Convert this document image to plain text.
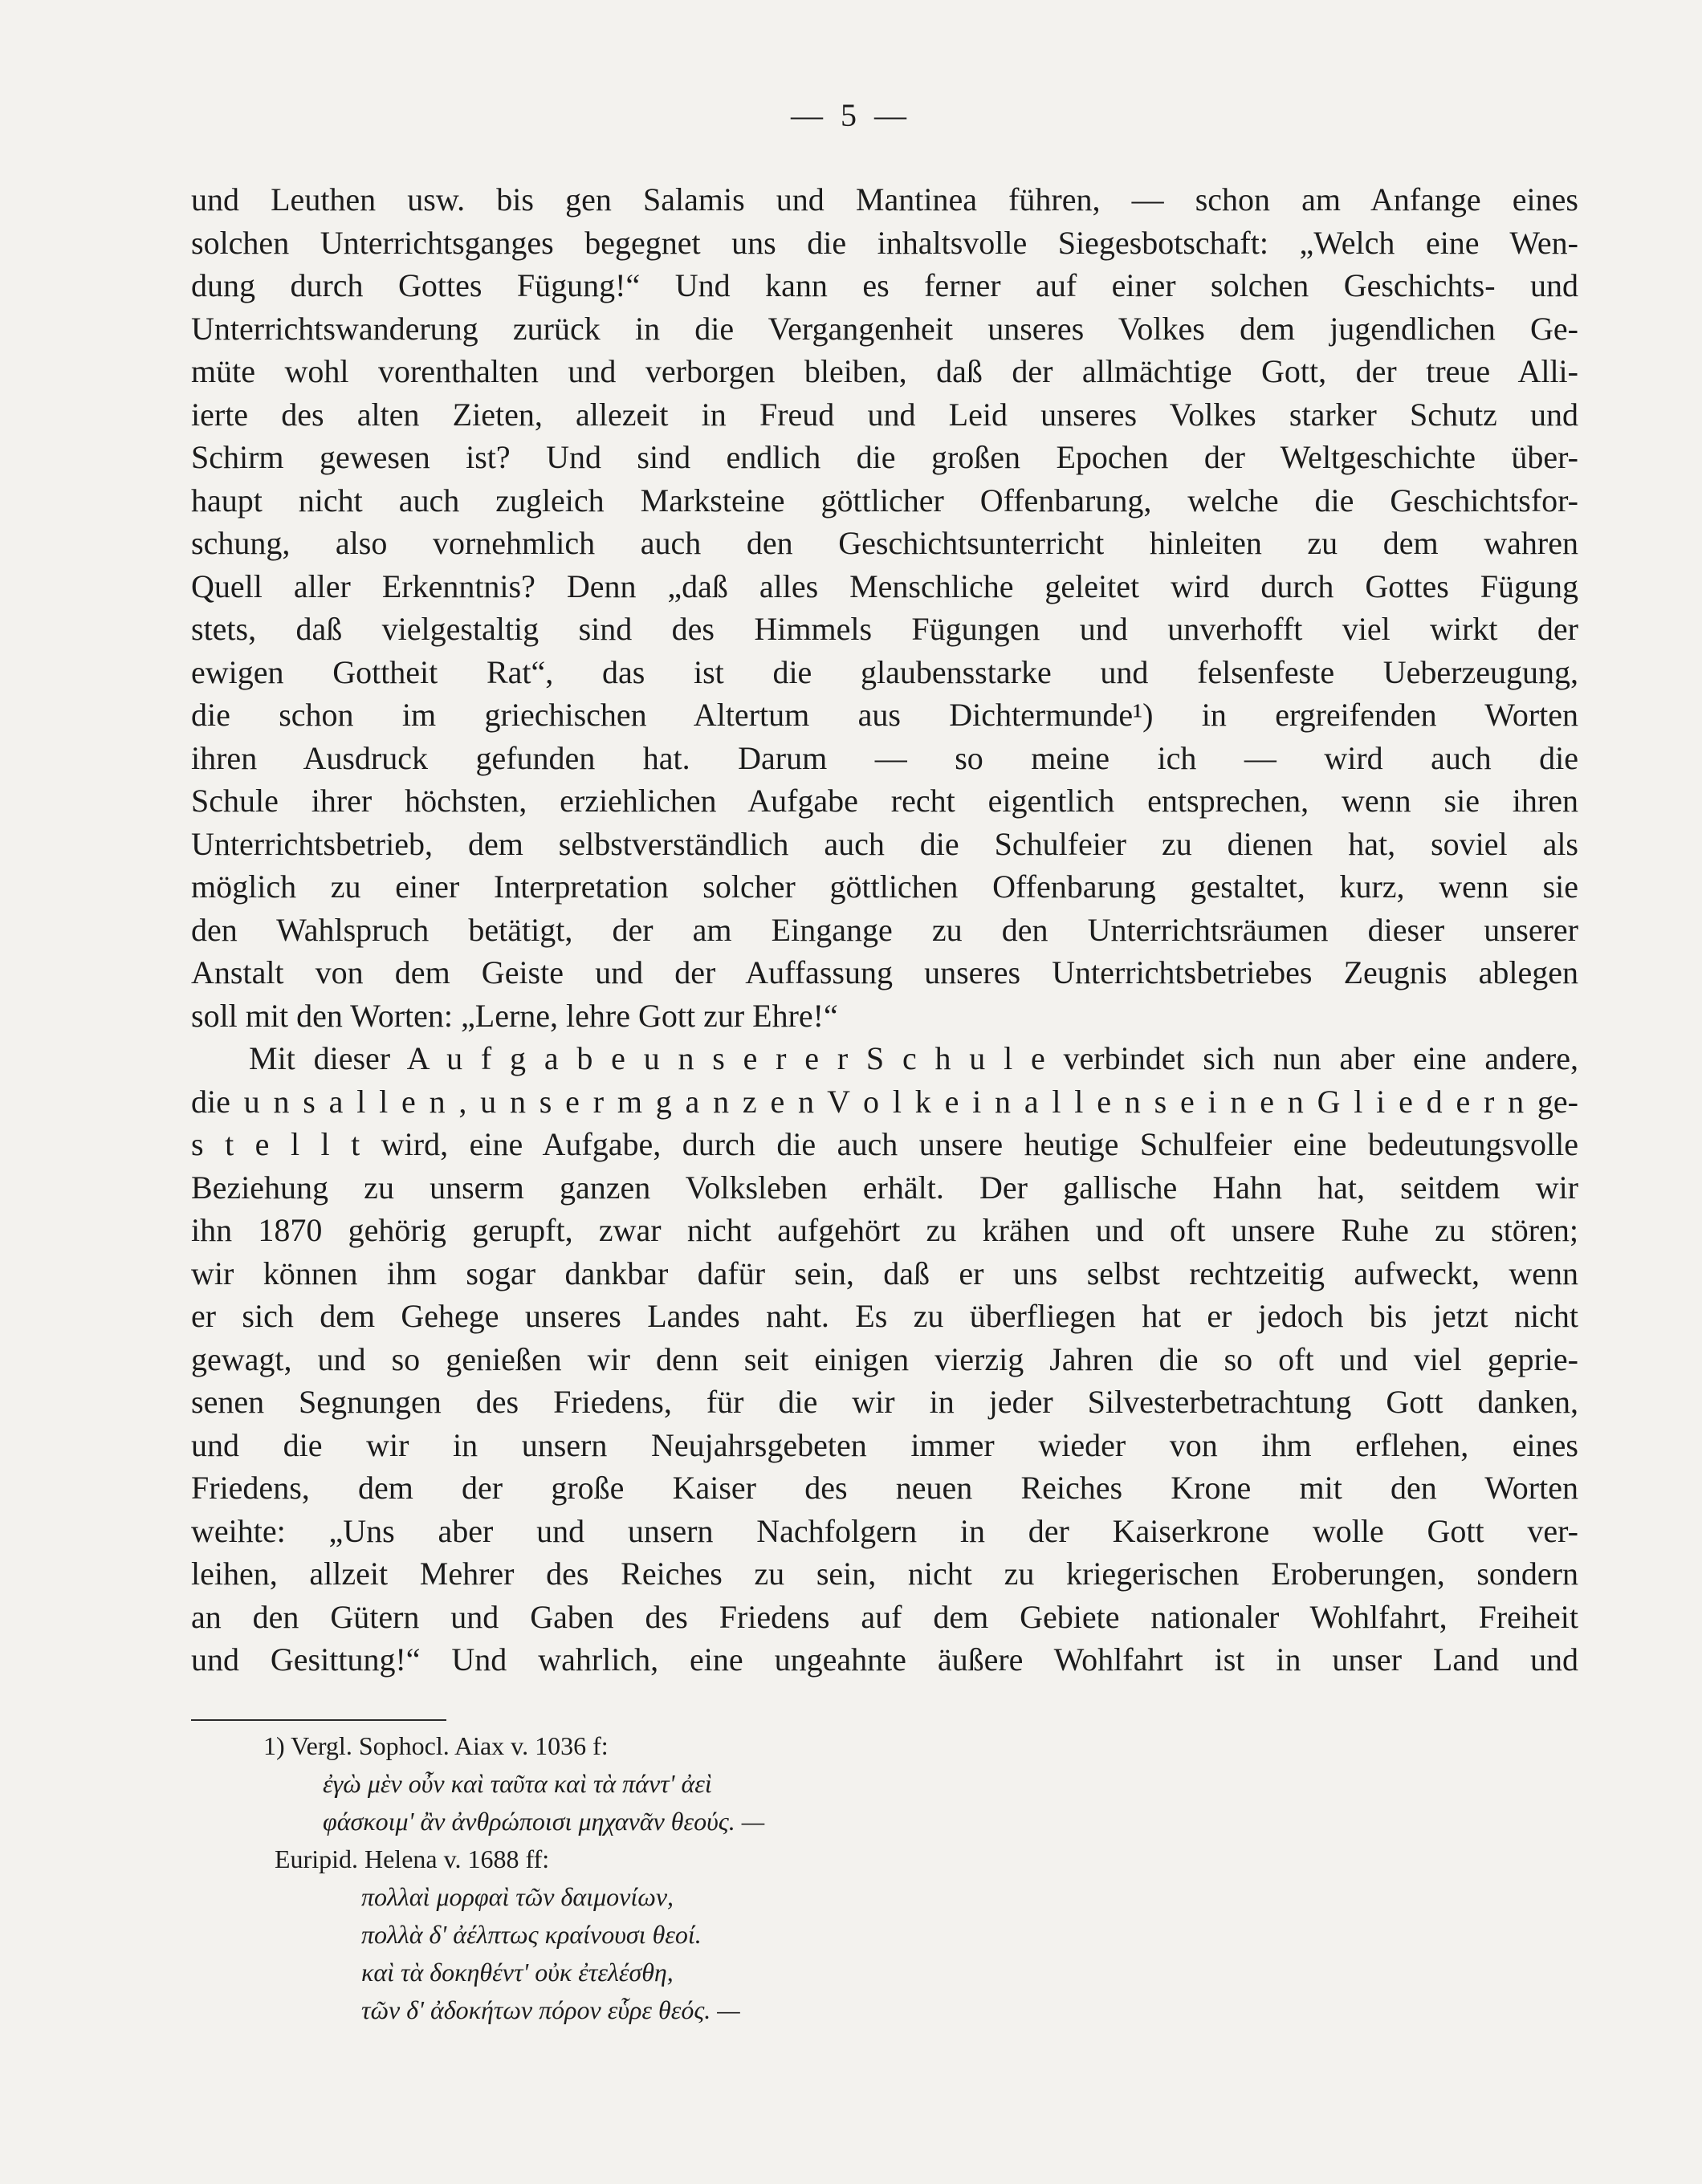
— 5 —
und Leuthen usw. bis gen Salamis und Mantinea führen, — schon am Anfange eines
solchen Unterrichtsganges begegnet uns die inhaltsvolle Siegesbotschaft: „Welch eine Wen-
dung durch Gottes Fügung!“ Und kann es ferner auf einer solchen Geschichts- und
Unterrichtswanderung zurück in die Vergangenheit unseres Volkes dem jugendlichen Ge-
müte wohl vorenthalten und verborgen bleiben, daß der allmächtige Gott, der treue Alli-
ierte des alten Zieten, allezeit in Freud und Leid unseres Volkes starker Schutz und
Schirm gewesen ist? Und sind endlich die großen Epochen der Weltgeschichte über-
haupt nicht auch zugleich Marksteine göttlicher Offenbarung, welche die Geschichtsfor-
schung, also vornehmlich auch den Geschichtsunterricht hinleiten zu dem wahren
Quell aller Erkenntnis? Denn „daß alles Menschliche geleitet wird durch Gottes Fügung
stets, daß vielgestaltig sind des Himmels Fügungen und unverhofft viel wirkt der
ewigen Gottheit Rat“, das ist die glaubensstarke und felsenfeste Ueberzeugung,
die schon im griechischen Altertum aus Dichtermunde¹) in ergreifenden Worten
ihren Ausdruck gefunden hat. Darum — so meine ich — wird auch die
Schule ihrer höchsten, erziehlichen Aufgabe recht eigentlich entsprechen, wenn sie ihren
Unterrichtsbetrieb, dem selbstverständlich auch die Schulfeier zu dienen hat, soviel als
möglich zu einer Interpretation solcher göttlichen Offenbarung gestaltet, kurz, wenn sie
den Wahlspruch betätigt, der am Eingange zu den Unterrichtsräumen dieser unserer
Anstalt von dem Geiste und der Auffassung unseres Unterrichtsbetriebes Zeugnis ablegen
soll mit den Worten: „Lerne, lehre Gott zur Ehre!“
Mit dieser A u f g a b e u n s e r e r S c h u l e verbindet sich nun aber eine andere,
die u n s a l l e n , u n s e r m g a n z e n V o l k e i n a l l e n s e i n e n G l i e d e r n ge-
s t e l l t wird, eine Aufgabe, durch die auch unsere heutige Schulfeier eine bedeutungsvolle
Beziehung zu unserm ganzen Volksleben erhält. Der gallische Hahn hat, seitdem wir
ihn 1870 gehörig gerupft, zwar nicht aufgehört zu krähen und oft unsere Ruhe zu stören;
wir können ihm sogar dankbar dafür sein, daß er uns selbst rechtzeitig aufweckt, wenn
er sich dem Gehege unseres Landes naht. Es zu überfliegen hat er jedoch bis jetzt nicht
gewagt, und so genießen wir denn seit einigen vierzig Jahren die so oft und viel geprie-
senen Segnungen des Friedens, für die wir in jeder Silvesterbetrachtung Gott danken,
und die wir in unsern Neujahrsgebeten immer wieder von ihm erflehen, eines
Friedens, dem der große Kaiser des neuen Reiches Krone mit den Worten
weihte: „Uns aber und unsern Nachfolgern in der Kaiserkrone wolle Gott ver-
leihen, allzeit Mehrer des Reiches zu sein, nicht zu kriegerischen Eroberungen, sondern
an den Gütern und Gaben des Friedens auf dem Gebiete nationaler Wohlfahrt, Freiheit
und Gesittung!“ Und wahrlich, eine ungeahnte äußere Wohlfahrt ist in unser Land und
1) Vergl. Sophocl. Aiax v. 1036 f:
ἐγὼ μὲν οὖν καὶ ταῦτα καὶ τὰ πάντ' ἀεὶ
φάσκοιμ' ἂν ἀνθρώποισι μηχανᾶν θεούς. —
Euripid. Helena v. 1688 ff:
πολλαὶ μορφαὶ τῶν δαιμονίων,
πολλὰ δ' ἀέλπτως κραίνουσι θεοί.
καὶ τὰ δοκηθέντ' οὐκ ἐτελέσθη,
τῶν δ' ἀδοκήτων πόρον εὗρε θεός. —
